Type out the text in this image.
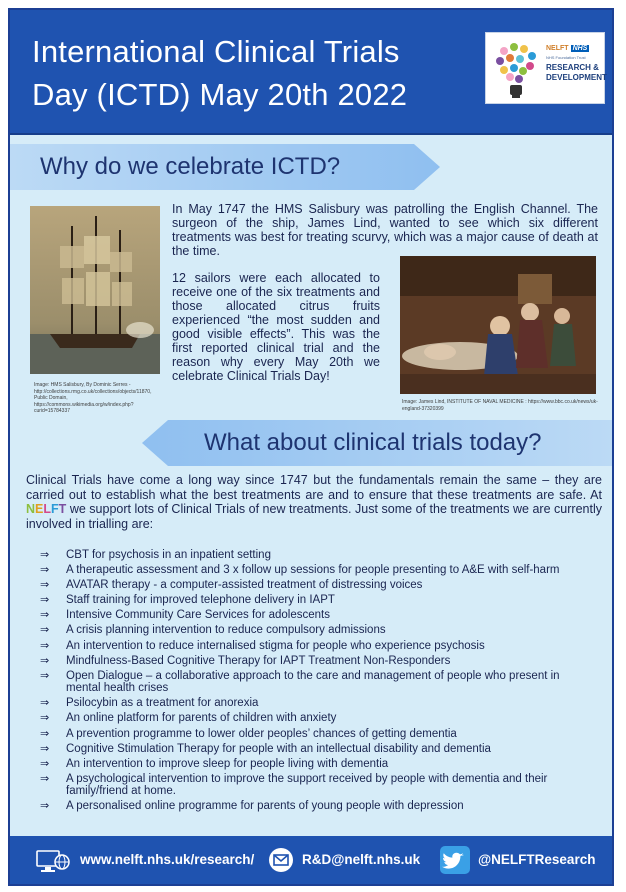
International Clinical Trials
Day (ICTD) May 20th 2022
NELFT NHS
NHS Foundation Trust
RESEARCH &
DEVELOPMENT
Why do we celebrate ICTD?
Image: HMS Salisbury, By Dominic Serres - http://collections.rmg.co.uk/collections/objects/11870, Public Domain, https://commons.wikimedia.org/w/index.php?curid=15784337
In May 1747 the HMS Salisbury was patrolling the English Channel. The surgeon of the ship, James Lind, wanted to see which six different treatments was best for treating scurvy, which was a major cause of death at the time.
12 sailors were each allocated to receive one of the six treatments and those allocated citrus fruits experienced “the most sudden and good visible effects”. This was the first reported clinical trial and the reason why every May 20th we celebrate Clinical Trials Day!
Image: James Lind, INSTITUTE OF NAVAL MEDICINE : https://www.bbc.co.uk/news/uk-england-37320399
What about clinical trials today?
Clinical Trials have come a long way since 1747 but the fundamentals remain the same – they are carried out to establish what the best treatments are and to ensure that these treatments are safe. At NELFT we support lots of Clinical Trials of new treatments. Just some of the treatments we are currently involved in trialling are:
⇒ CBT for psychosis in an inpatient setting
⇒ A therapeutic assessment and 3 x follow up sessions for people presenting to A&E with self-harm
⇒ AVATAR therapy - a computer-assisted treatment of distressing voices
⇒ Staff training for improved telephone delivery in IAPT
⇒ Intensive Community Care Services for adolescents
⇒ A crisis planning intervention to reduce compulsory admissions
⇒ An intervention to reduce internalised stigma for people who experience psychosis
⇒ Mindfulness-Based Cognitive Therapy for IAPT Treatment Non-Responders
⇒ Open Dialogue – a collaborative approach to the care and management of people who present in mental health crises
⇒ Psilocybin as a treatment for anorexia
⇒ An online platform for parents of children with anxiety
⇒ A prevention programme to lower older peoples’ chances of getting dementia
⇒ Cognitive Stimulation Therapy for people with an intellectual disability and dementia
⇒ An intervention to improve sleep for people living with dementia
⇒ A psychological intervention to improve the support received by people with dementia and their family/friend at home.
⇒ A personalised online programme for parents of young people with depression
www.nelft.nhs.uk/research/	R&D@nelft.nhs.uk	@NELFTResearch
